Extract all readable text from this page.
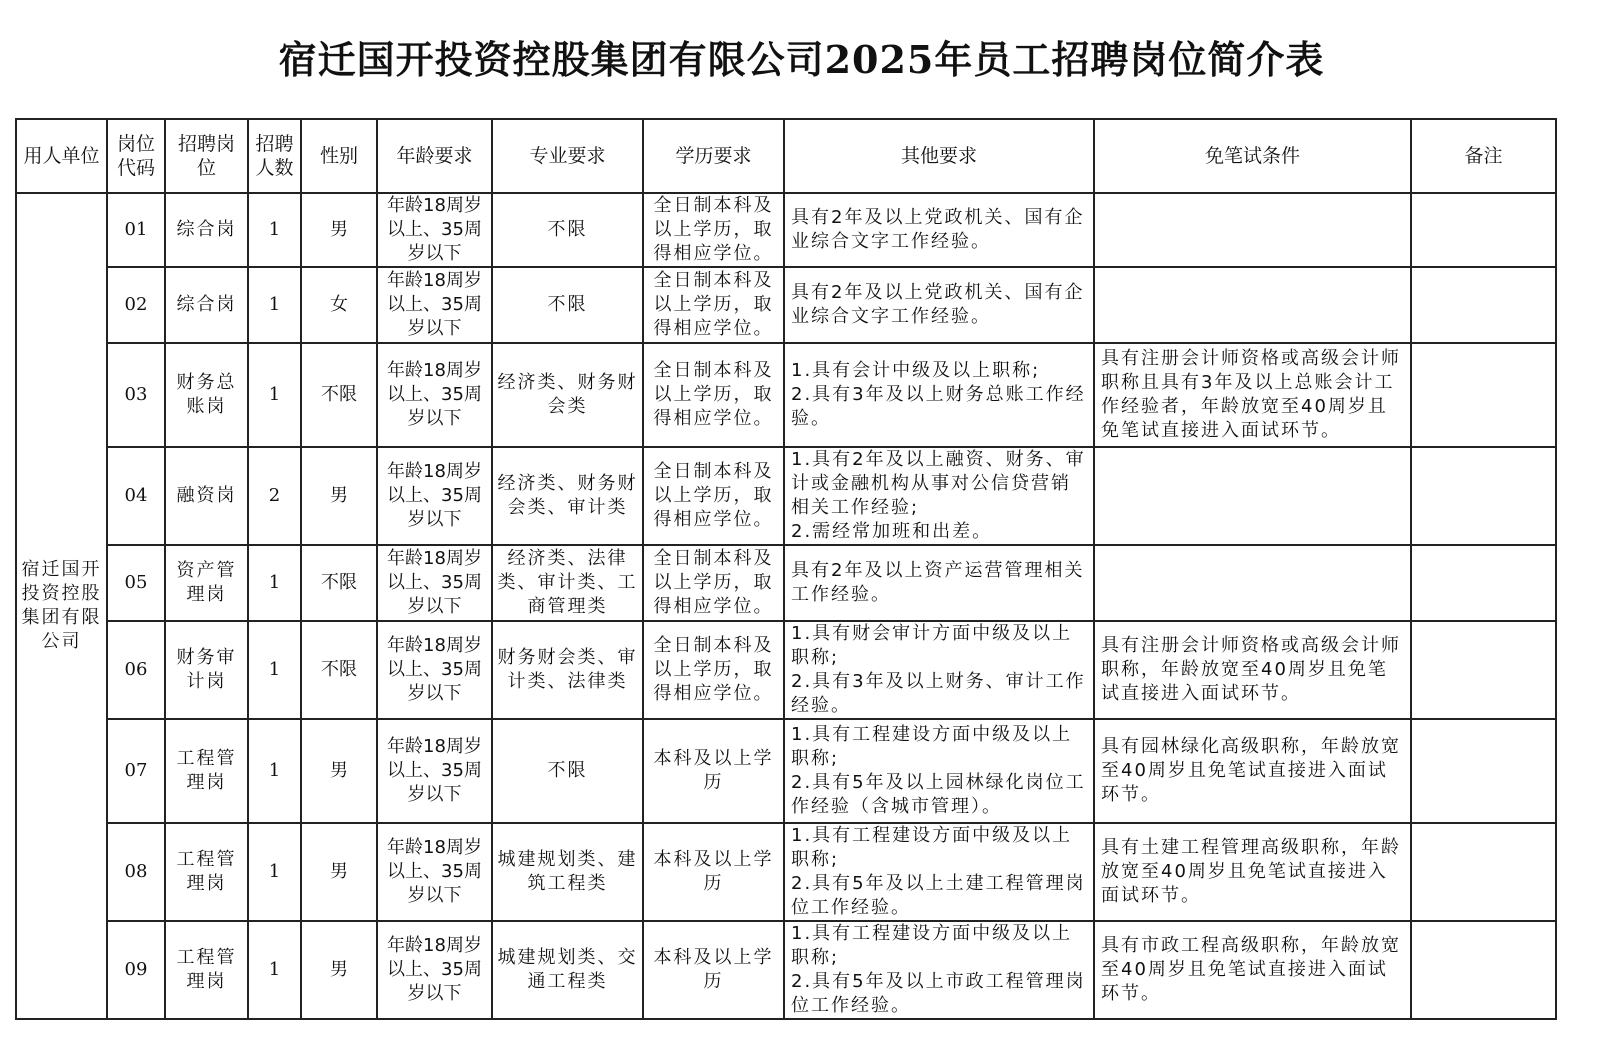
宿迁国开投资控股集团有限公司2025年员工招聘岗位简介表
用人单位	岗位代码	招聘岗位	招聘人数	性别	年龄要求	专业要求	学历要求	其他要求	免笔试条件	备注
宿迁国开投资控股集团有限公司	01	综合岗	1	男	年龄18周岁以上、35周岁以下	不限	全日制本科及以上学历，取得相应学位。	具有2年及以上党政机关、国有企业综合文字工作经验。		
	02	综合岗	1	女	年龄18周岁以上、35周岁以下	不限	全日制本科及以上学历，取得相应学位。	具有2年及以上党政机关、国有企业综合文字工作经验。		
	03	财务总账岗	1	不限	年龄18周岁以上、35周岁以下	经济类、财务财会类	全日制本科及以上学历，取得相应学位。	1.具有会计中级及以上职称;
2.具有3年及以上财务总账工作经验。	具有注册会计师资格或高级会计师职称且具有3年及以上总账会计工作经验者，年龄放宽至40周岁且免笔试直接进入面试环节。	
	04	融资岗	2	男	年龄18周岁以上、35周岁以下	经济类、财务财会类、审计类	全日制本科及以上学历，取得相应学位。	1.具有2年及以上融资、财务、审计或金融机构从事对公信贷营销相关工作经验;
2.需经常加班和出差。		
	05	资产管理岗	1	不限	年龄18周岁以上、35周岁以下	经济类、法律类、审计类、工商管理类	全日制本科及以上学历，取得相应学位。	具有2年及以上资产运营管理相关工作经验。		
	06	财务审计岗	1	不限	年龄18周岁以上、35周岁以下	财务财会类、审计类、法律类	全日制本科及以上学历，取得相应学位。	1.具有财会审计方面中级及以上职称;
2.具有3年及以上财务、审计工作经验。	具有注册会计师资格或高级会计师职称，年龄放宽至40周岁且免笔试直接进入面试环节。	
	07	工程管理岗	1	男	年龄18周岁以上、35周岁以下	不限	本科及以上学历	1.具有工程建设方面中级及以上职称;
2.具有5年及以上园林绿化岗位工作经验（含城市管理）。	具有园林绿化高级职称，年龄放宽至40周岁且免笔试直接进入面试环节。	
	08	工程管理岗	1	男	年龄18周岁以上、35周岁以下	城建规划类、建筑工程类	本科及以上学历	1.具有工程建设方面中级及以上职称;
2.具有5年及以上土建工程管理岗位工作经验。	具有土建工程管理高级职称，年龄放宽至40周岁且免笔试直接进入面试环节。	
	09	工程管理岗	1	男	年龄18周岁以上、35周岁以下	城建规划类、交通工程类	本科及以上学历	1.具有工程建设方面中级及以上职称;
2.具有5年及以上市政工程管理岗位工作经验。	具有市政工程高级职称，年龄放宽至40周岁且免笔试直接进入面试环节。	
